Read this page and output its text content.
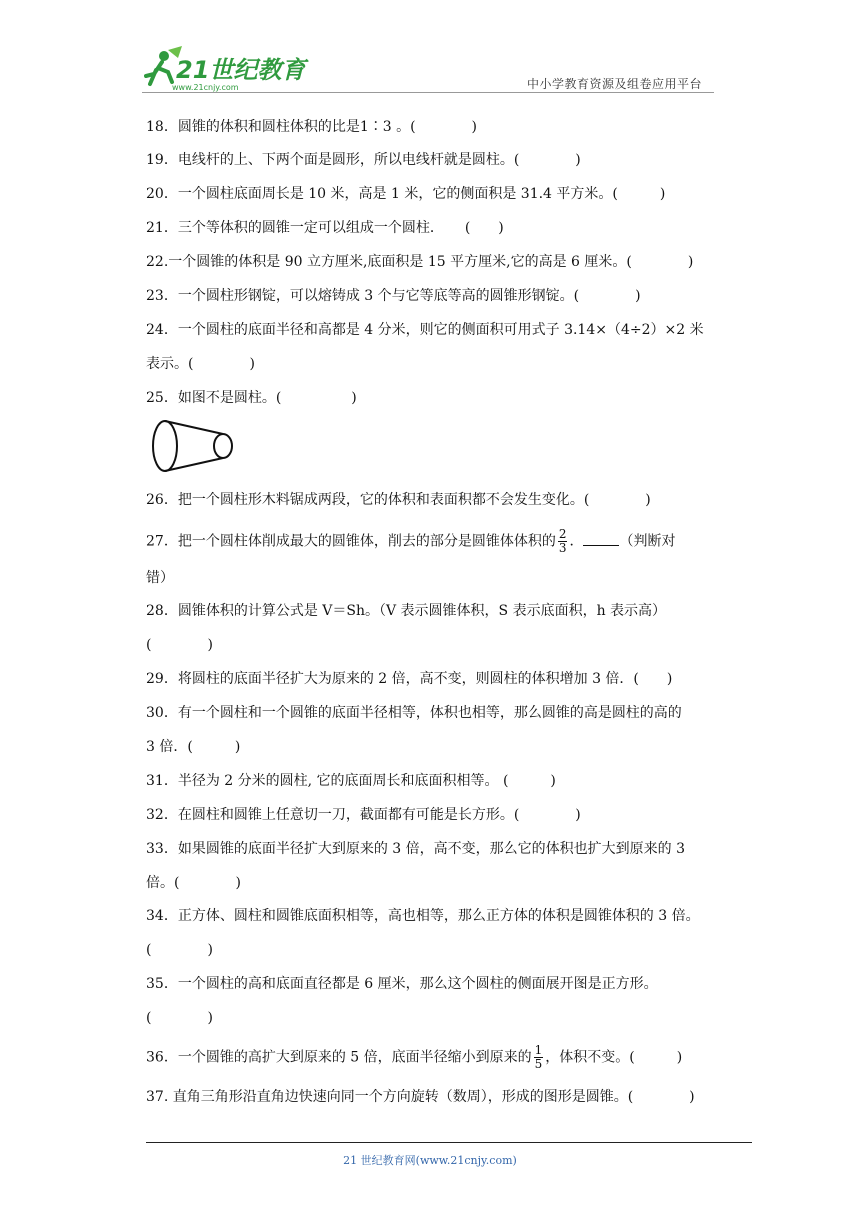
21世纪教育
www.21cnjy.com	中小学教育资源及组卷应用平台
18．圆锥的体积和圆柱体积的比是1∶3 。(　　　　)
19．电线杆的上、下两个面是圆形，所以电线杆就是圆柱。(　　　　)
20．一个圆柱底面周长是 10 米，高是 1 米，它的侧面积是 31.4 平方米。(　　　)
21．三个等体积的圆锥一定可以组成一个圆柱．　　(　　)
22.一个圆锥的体积是 90 立方厘米,底面积是 15 平方厘米,它的高是 6 厘米。(　　　　)
23．一个圆柱形钢锭，可以熔铸成 3 个与它等底等高的圆锥形钢锭。(　　　　)
24．一个圆柱的底面半径和高都是 4 分米，则它的侧面积可用式子 3.14×（4÷2）×2 米
表示。(　　　　)
25．如图不是圆柱。(　　　　　)
26．把一个圆柱形木料锯成两段，它的体积和表面积都不会发生变化。(　　　　)
27．把一个圆柱体削成最大的圆锥体，削去的部分是圆锥体体积的 $\frac{2}{3}$ ．	（判断对
错）
28．圆锥体积的计算公式是 V＝Sh。（V 表示圆锥体积，S 表示底面积，h 表示高）
(　　　　)
29．将圆柱的底面半径扩大为原来的 2 倍，高不变，则圆柱的体积增加 3 倍．(　　)
30．有一个圆柱和一个圆锥的底面半径相等，体积也相等，那么圆锥的高是圆柱的高的
3 倍．(　　　)
31．半径为 2 分米的圆柱, 它的底面周长和底面积相等。 (　　　)
32．在圆柱和圆锥上任意切一刀，截面都有可能是长方形。(　　　　)
33．如果圆锥的底面半径扩大到原来的 3 倍，高不变，那么它的体积也扩大到原来的 3
倍。(　　　　)
34．正方体、圆柱和圆锥底面积相等，高也相等，那么正方体的体积是圆锥体积的 3 倍。
(　　　　)
35．一个圆柱的高和底面直径都是 6 厘米，那么这个圆柱的侧面展开图是正方形。
(　　　　)
36．一个圆锥的高扩大到原来的 5 倍，底面半径缩小到原来的 $\frac{1}{5}$ ，体积不变。(　　　)
37. 直角三角形沿直角边快速向同一个方向旋转（数周），形成的图形是圆锥。(　　　　)
21 世纪教育网(www.21cnjy.com)
